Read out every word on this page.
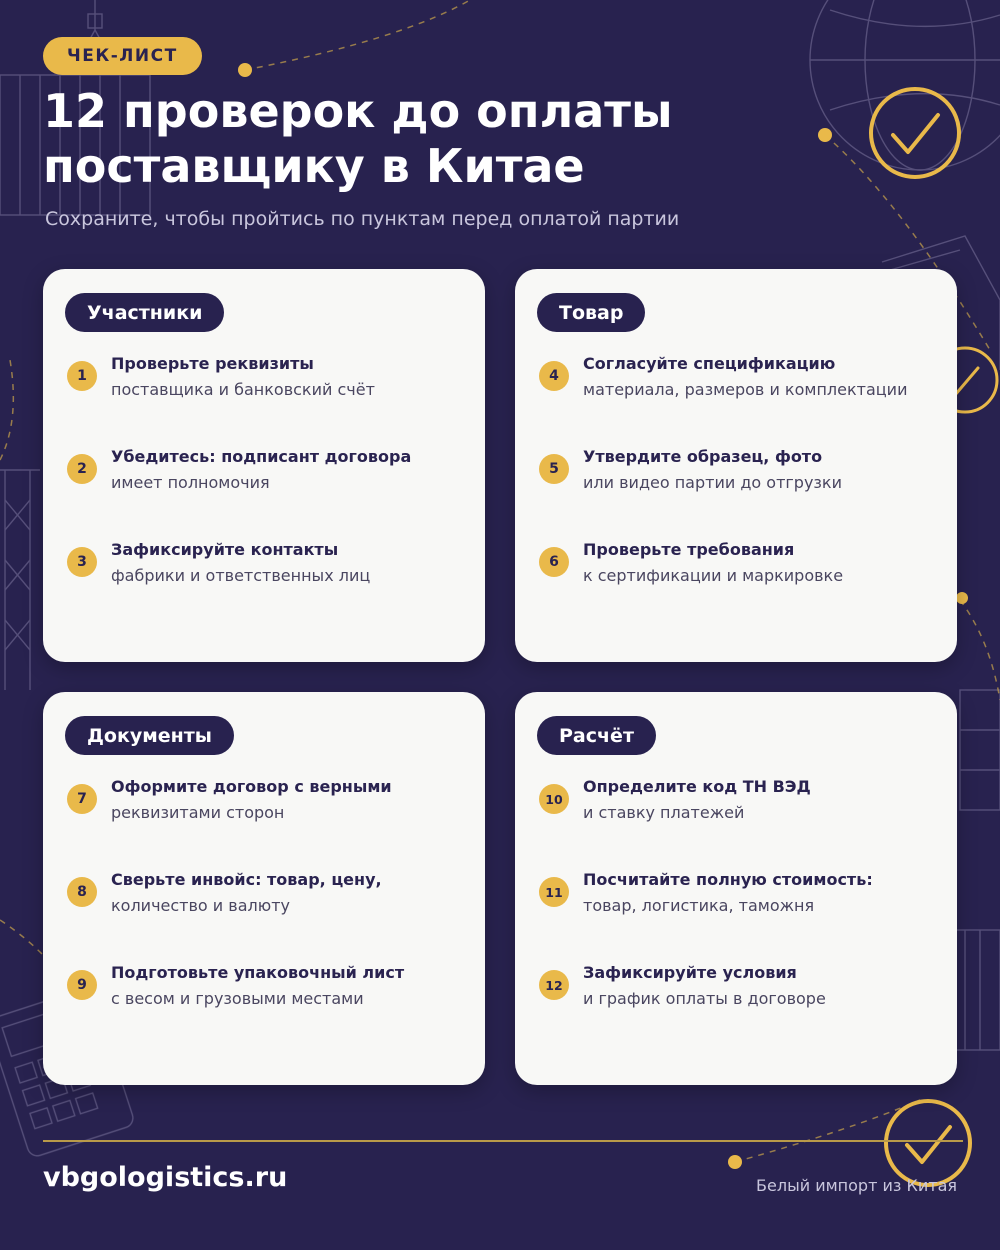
ЧЕК-ЛИСТ
12 проверок до оплаты
поставщику в Китае
Сохраните, чтобы пройтись по пунктам перед оплатой партии
Участники
1
Проверьте реквизиты
поставщика и банковский счёт
2
Убедитесь: подписант договора
имеет полномочия
3
Зафиксируйте контакты
фабрики и ответственных лиц
Товар
4
Согласуйте спецификацию
материала, размеров и комплектации
5
Утвердите образец, фото
или видео партии до отгрузки
6
Проверьте требования
к сертификации и маркировке
Документы
7
Оформите договор с верными
реквизитами сторон
8
Сверьте инвойс: товар, цену,
количество и валюту
9
Подготовьте упаковочный лист
с весом и грузовыми местами
Расчёт
10
Определите код ТН ВЭД
и ставку платежей
11
Посчитайте полную стоимость:
товар, логистика, таможня
12
Зафиксируйте условия
и график оплаты в договоре
vbgologistics.ru	Белый импорт из Китая
